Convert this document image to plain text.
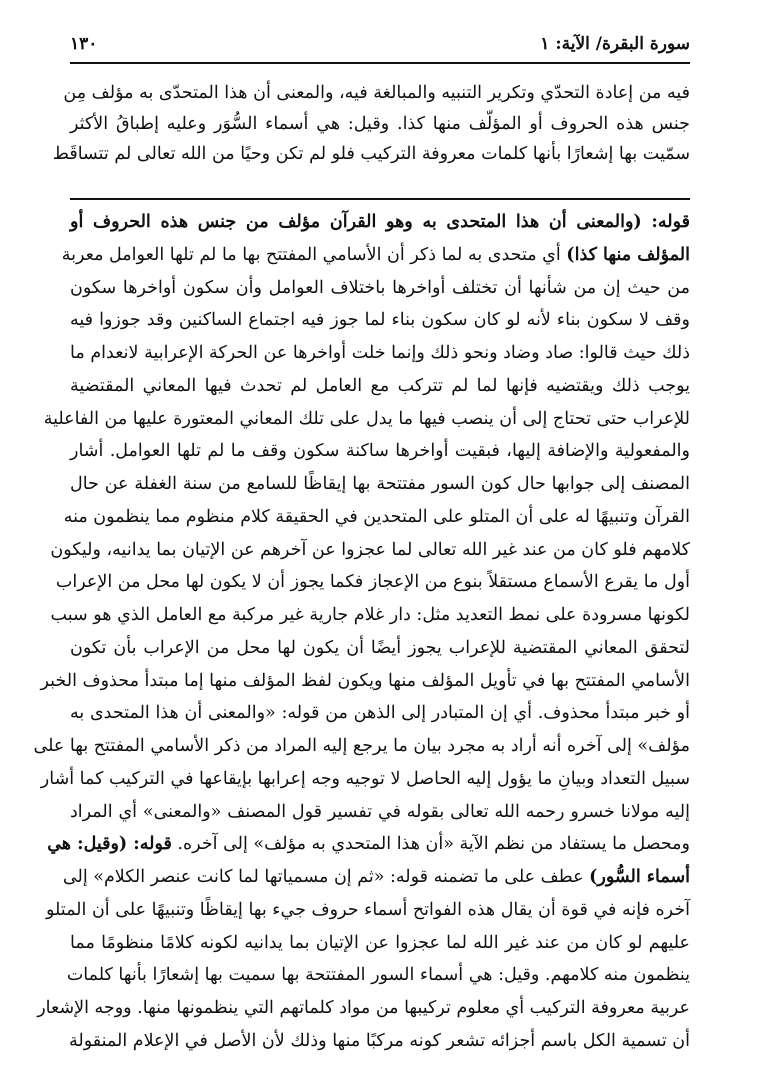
سورة البقرة/ الآية: ١
١٣٠
فيه من إعادة التحدّي وتكرير التنبيه والمبالغة فيه، والمعنى أن هذا المتحدّى به مؤلف مِن
جنس هذه الحروف أو المؤلّف منها كذا. وقيل: هي أسماء السُّوَر وعليه إطباقُ الأكثر
سمّيت بها إشعارًا بأنها كلمات معروفة التركيب فلو لم تكن وحيًا من الله تعالى لم تتساقَط
قوله: (والمعنى أن هذا المتحدى به وهو القرآن مؤلف من جنس هذه الحروف أو
المؤلف منها كذا) أي متحدى به لما ذكر أن الأسامي المفتتح بها ما لم تلها العوامل معربة
من حيث إن من شأنها أن تختلف أواخرها باختلاف العوامل وأن سكون أواخرها سكون
وقف لا سكون بناء لأنه لو كان سكون بناء لما جوز فيه اجتماع الساكنين وقد جوزوا فيه
ذلك حيث قالوا: صاد وضاد ونحو ذلك وإنما خلت أواخرها عن الحركة الإعرابية لانعدام ما
يوجب ذلك ويقتضيه فإنها لما لم تتركب مع العامل لم تحدث فيها المعاني المقتضية
للإعراب حتى تحتاج إلى أن ينصب فيها ما يدل على تلك المعاني المعتورة عليها من الفاعلية
والمفعولية والإضافة إليها، فبقيت أواخرها ساكنة سكون وقف ما لم تلها العوامل. أشار
المصنف إلى جوابها حال كون السور مفتتحة بها إيقاظًا للسامع من سنة الغفلة عن حال
القرآن وتنبيهًا له على أن المتلو على المتحدين في الحقيقة كلام منظوم مما ينظمون منه
كلامهم فلو كان من عند غير الله تعالى لما عجزوا عن آخرهم عن الإتيان بما يدانيه، وليكون
أول ما يقرع الأسماع مستقلاً بنوع من الإعجاز فكما يجوز أن لا يكون لها محل من الإعراب
لكونها مسرودة على نمط التعديد مثل: دار غلام جارية غير مركبة مع العامل الذي هو سبب
لتحقق المعاني المقتضية للإعراب يجوز أيضًا أن يكون لها محل من الإعراب بأن تكون
الأسامي المفتتح بها في تأويل المؤلف منها ويكون لفظ المؤلف منها إما مبتدأ محذوف الخبر
أو خبر مبتدأ محذوف. أي إن المتبادر إلى الذهن من قوله: «والمعنى أن هذا المتحدى به
مؤلف» إلى آخره أنه أراد به مجرد بيان ما يرجع إليه المراد من ذكر الأسامي المفتتح بها على
سبيل التعداد وبيانِ ما يؤول إليه الحاصل لا توجيه وجه إعرابها بإيقاعها في التركيب كما أشار
إليه مولانا خسرو رحمه الله تعالى بقوله في تفسير قول المصنف «والمعنى» أي المراد
ومحصل ما يستفاد من نظم الآية «أن هذا المتحدي به مؤلف» إلى آخره. قوله: (وقيل: هي
أسماء السُّور) عطف على ما تضمنه قوله: «ثم إن مسمياتها لما كانت عنصر الكلام» إلى
آخره فإنه في قوة أن يقال هذه الفواتح أسماء حروف جيء بها إيقاظًا وتنبيهًا على أن المتلو
عليهم لو كان من عند غير الله لما عجزوا عن الإتيان بما يدانيه لكونه كلامًا منظومًا مما
ينظمون منه كلامهم. وقيل: هي أسماء السور المفتتحة بها سميت بها إشعارًا بأنها كلمات
عربية معروفة التركيب أي معلوم تركيبها من مواد كلماتهم التي ينظمونها منها. ووجه الإشعار
أن تسمية الكل باسم أجزائه تشعر كونه مركبًا منها وذلك لأن الأصل في الإعلام المنقولة
